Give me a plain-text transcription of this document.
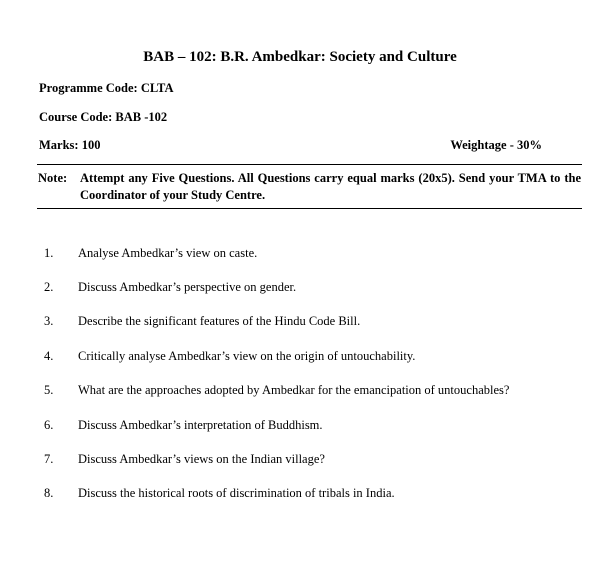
BAB – 102: B.R. Ambedkar: Society and Culture
Programme Code: CLTA
Course Code: BAB -102
Marks: 100	Weightage - 30%
Note:	Attempt any Five Questions. All Questions carry equal marks (20x5). Send your TMA to the Coordinator of your Study Centre.
1. Analyse Ambedkar’s view on caste.
2. Discuss Ambedkar’s perspective on gender.
3. Describe the significant features of the Hindu Code Bill.
4. Critically analyse Ambedkar’s view on the origin of untouchability.
5. What are the approaches adopted by Ambedkar for the emancipation of untouchables?
6. Discuss Ambedkar’s interpretation of Buddhism.
7. Discuss Ambedkar’s views on the Indian village?
8. Discuss the historical roots of discrimination of tribals in India.
